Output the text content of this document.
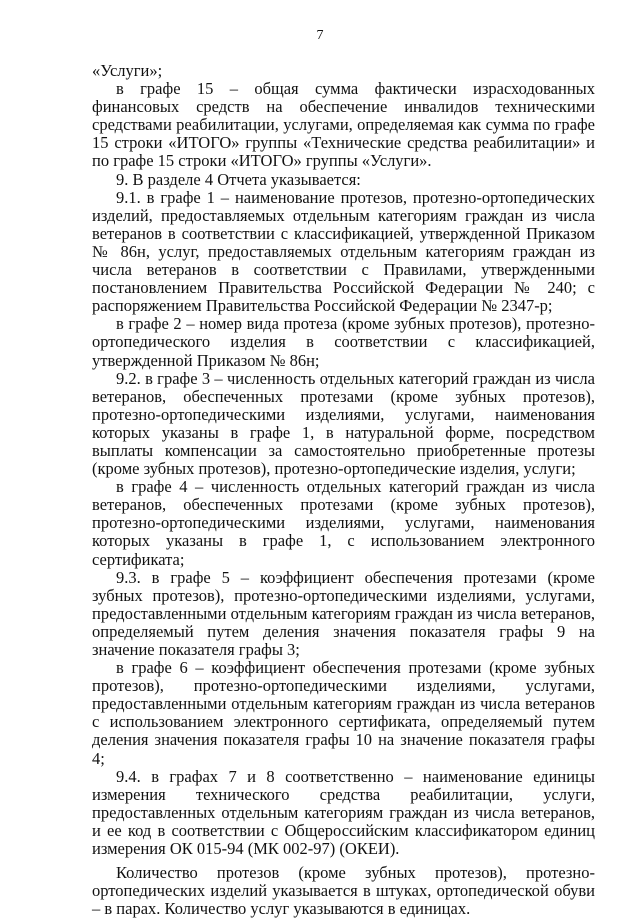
7

«Услуги»;

в графе 15 – общая сумма фактически израсходованных финансовых средств на обеспечение инвалидов техническими средствами реабилитации, услугами, определяемая как сумма по графе 15 строки «ИТОГО» группы «Технические средства реабилитации» и по графе 15 строки «ИТОГО» группы «Услуги».

9. В разделе 4 Отчета указывается:

9.1. в графе 1 – наименование протезов, протезно-ортопедических изделий, предоставляемых отдельным категориям граждан из числа ветеранов в соответствии с классификацией, утвержденной Приказом № 86н, услуг, предоставляемых отдельным категориям граждан из числа ветеранов в соответствии с Правилами, утвержденными постановлением Правительства Российской Федерации № 240; с распоряжением Правительства Российской Федерации № 2347-р;

в графе 2 – номер вида протеза (кроме зубных протезов), протезно-ортопедического изделия в соответствии с классификацией, утвержденной Приказом № 86н;

9.2. в графе 3 – численность отдельных категорий граждан из числа ветеранов, обеспеченных протезами (кроме зубных протезов), протезно-ортопедическими изделиями, услугами, наименования которых указаны в графе 1, в натуральной форме, посредством выплаты компенсации за самостоятельно приобретенные протезы (кроме зубных протезов), протезно-ортопедические изделия, услуги;

в графе 4 – численность отдельных категорий граждан из числа ветеранов, обеспеченных протезами (кроме зубных протезов), протезно-ортопедическими изделиями, услугами, наименования которых указаны в графе 1, с использованием электронного сертификата;

9.3. в графе 5 – коэффициент обеспечения протезами (кроме зубных протезов), протезно-ортопедическими изделиями, услугами, предоставленными отдельным категориям граждан из числа ветеранов, определяемый путем деления значения показателя графы 9 на значение показателя графы 3;

в графе 6 – коэффициент обеспечения протезами (кроме зубных протезов), протезно-ортопедическими изделиями, услугами, предоставленными отдельным категориям граждан из числа ветеранов с использованием электронного сертификата, определяемый путем деления значения показателя графы 10 на значение показателя графы 4;

9.4. в графах 7 и 8 соответственно – наименование единицы измерения технического средства реабилитации, услуги, предоставленных отдельным категориям граждан из числа ветеранов, и ее код в соответствии с Общероссийским классификатором единиц измерения ОК 015-94 (МК 002-97) (ОКЕИ).

Количество протезов (кроме зубных протезов), протезно-ортопедических изделий указывается в штуках, ортопедической обуви – в парах. Количество услуг указываются в единицах.
